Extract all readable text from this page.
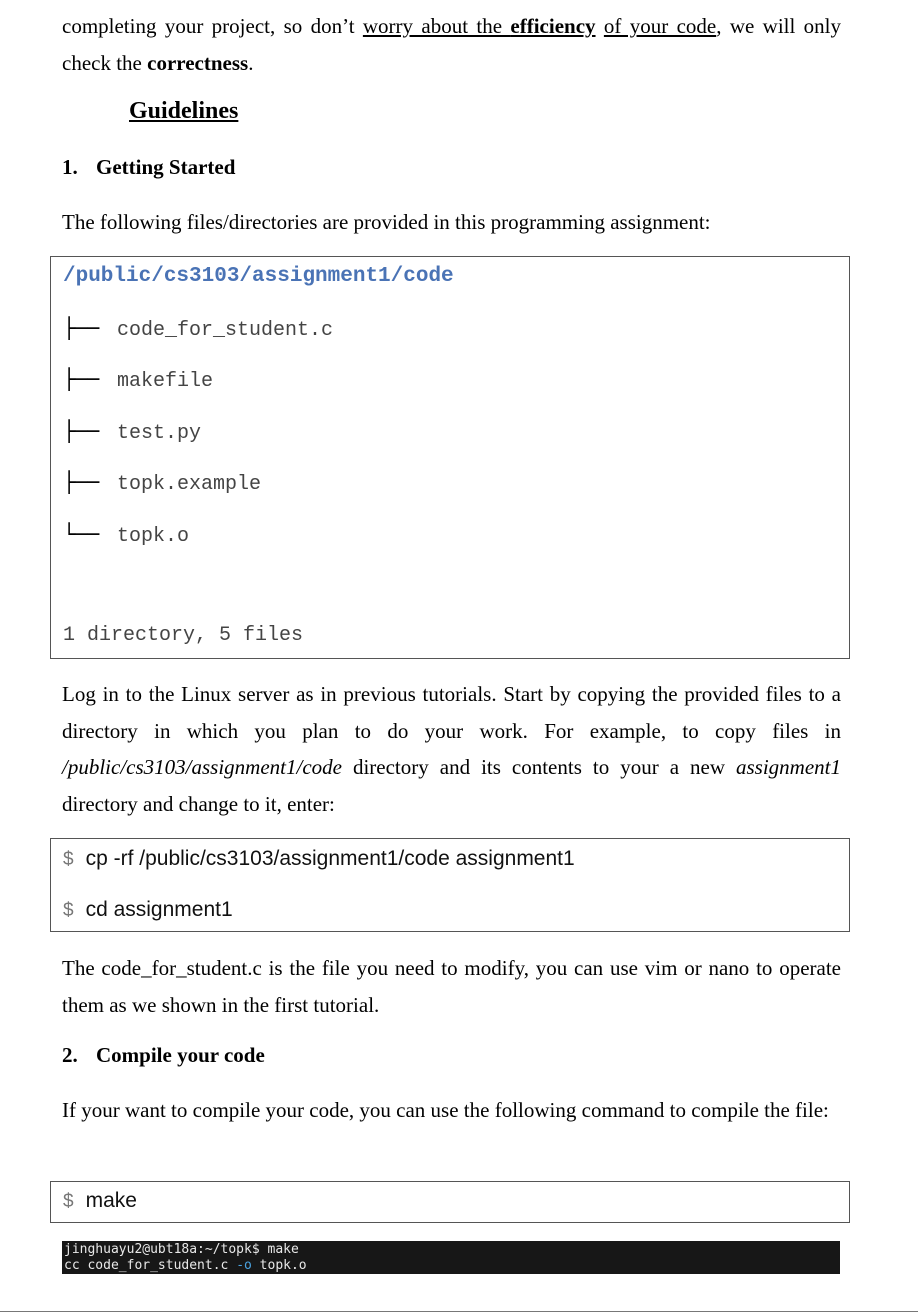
completing your project, so don’t worry about the efficiency of your code, we will only check the correctness.

Guidelines
1. Getting Started

The following files/directories are provided in this programming assignment:

Log in to the Linux server as in previous tutorials. Start by copying the provided files to a directory in which you plan to do your work. For example, to copy files in /public/cs3103/assignment1/code directory and its contents to your a new assignment1 directory and change to it, enter:

The code_for_student.c is the file you need to modify, you can use vim or nano to operate them as we shown in the first tutorial.

2. Compile your code

If your want to compile your code, you can use the following command to compile the file:

/public/cs3103/assignment1/code
├── code_for_student.c
├── makefile
├── test.py
├── topk.example
└── topk.o
1 directory, 5 files
$ cp -rf /public/cs3103/assignment1/code assignment1
$ cd assignment1
$ make
jinghuayu2@ubt18a:~/topk$ make
cc code_for_student.c -o topk.o
